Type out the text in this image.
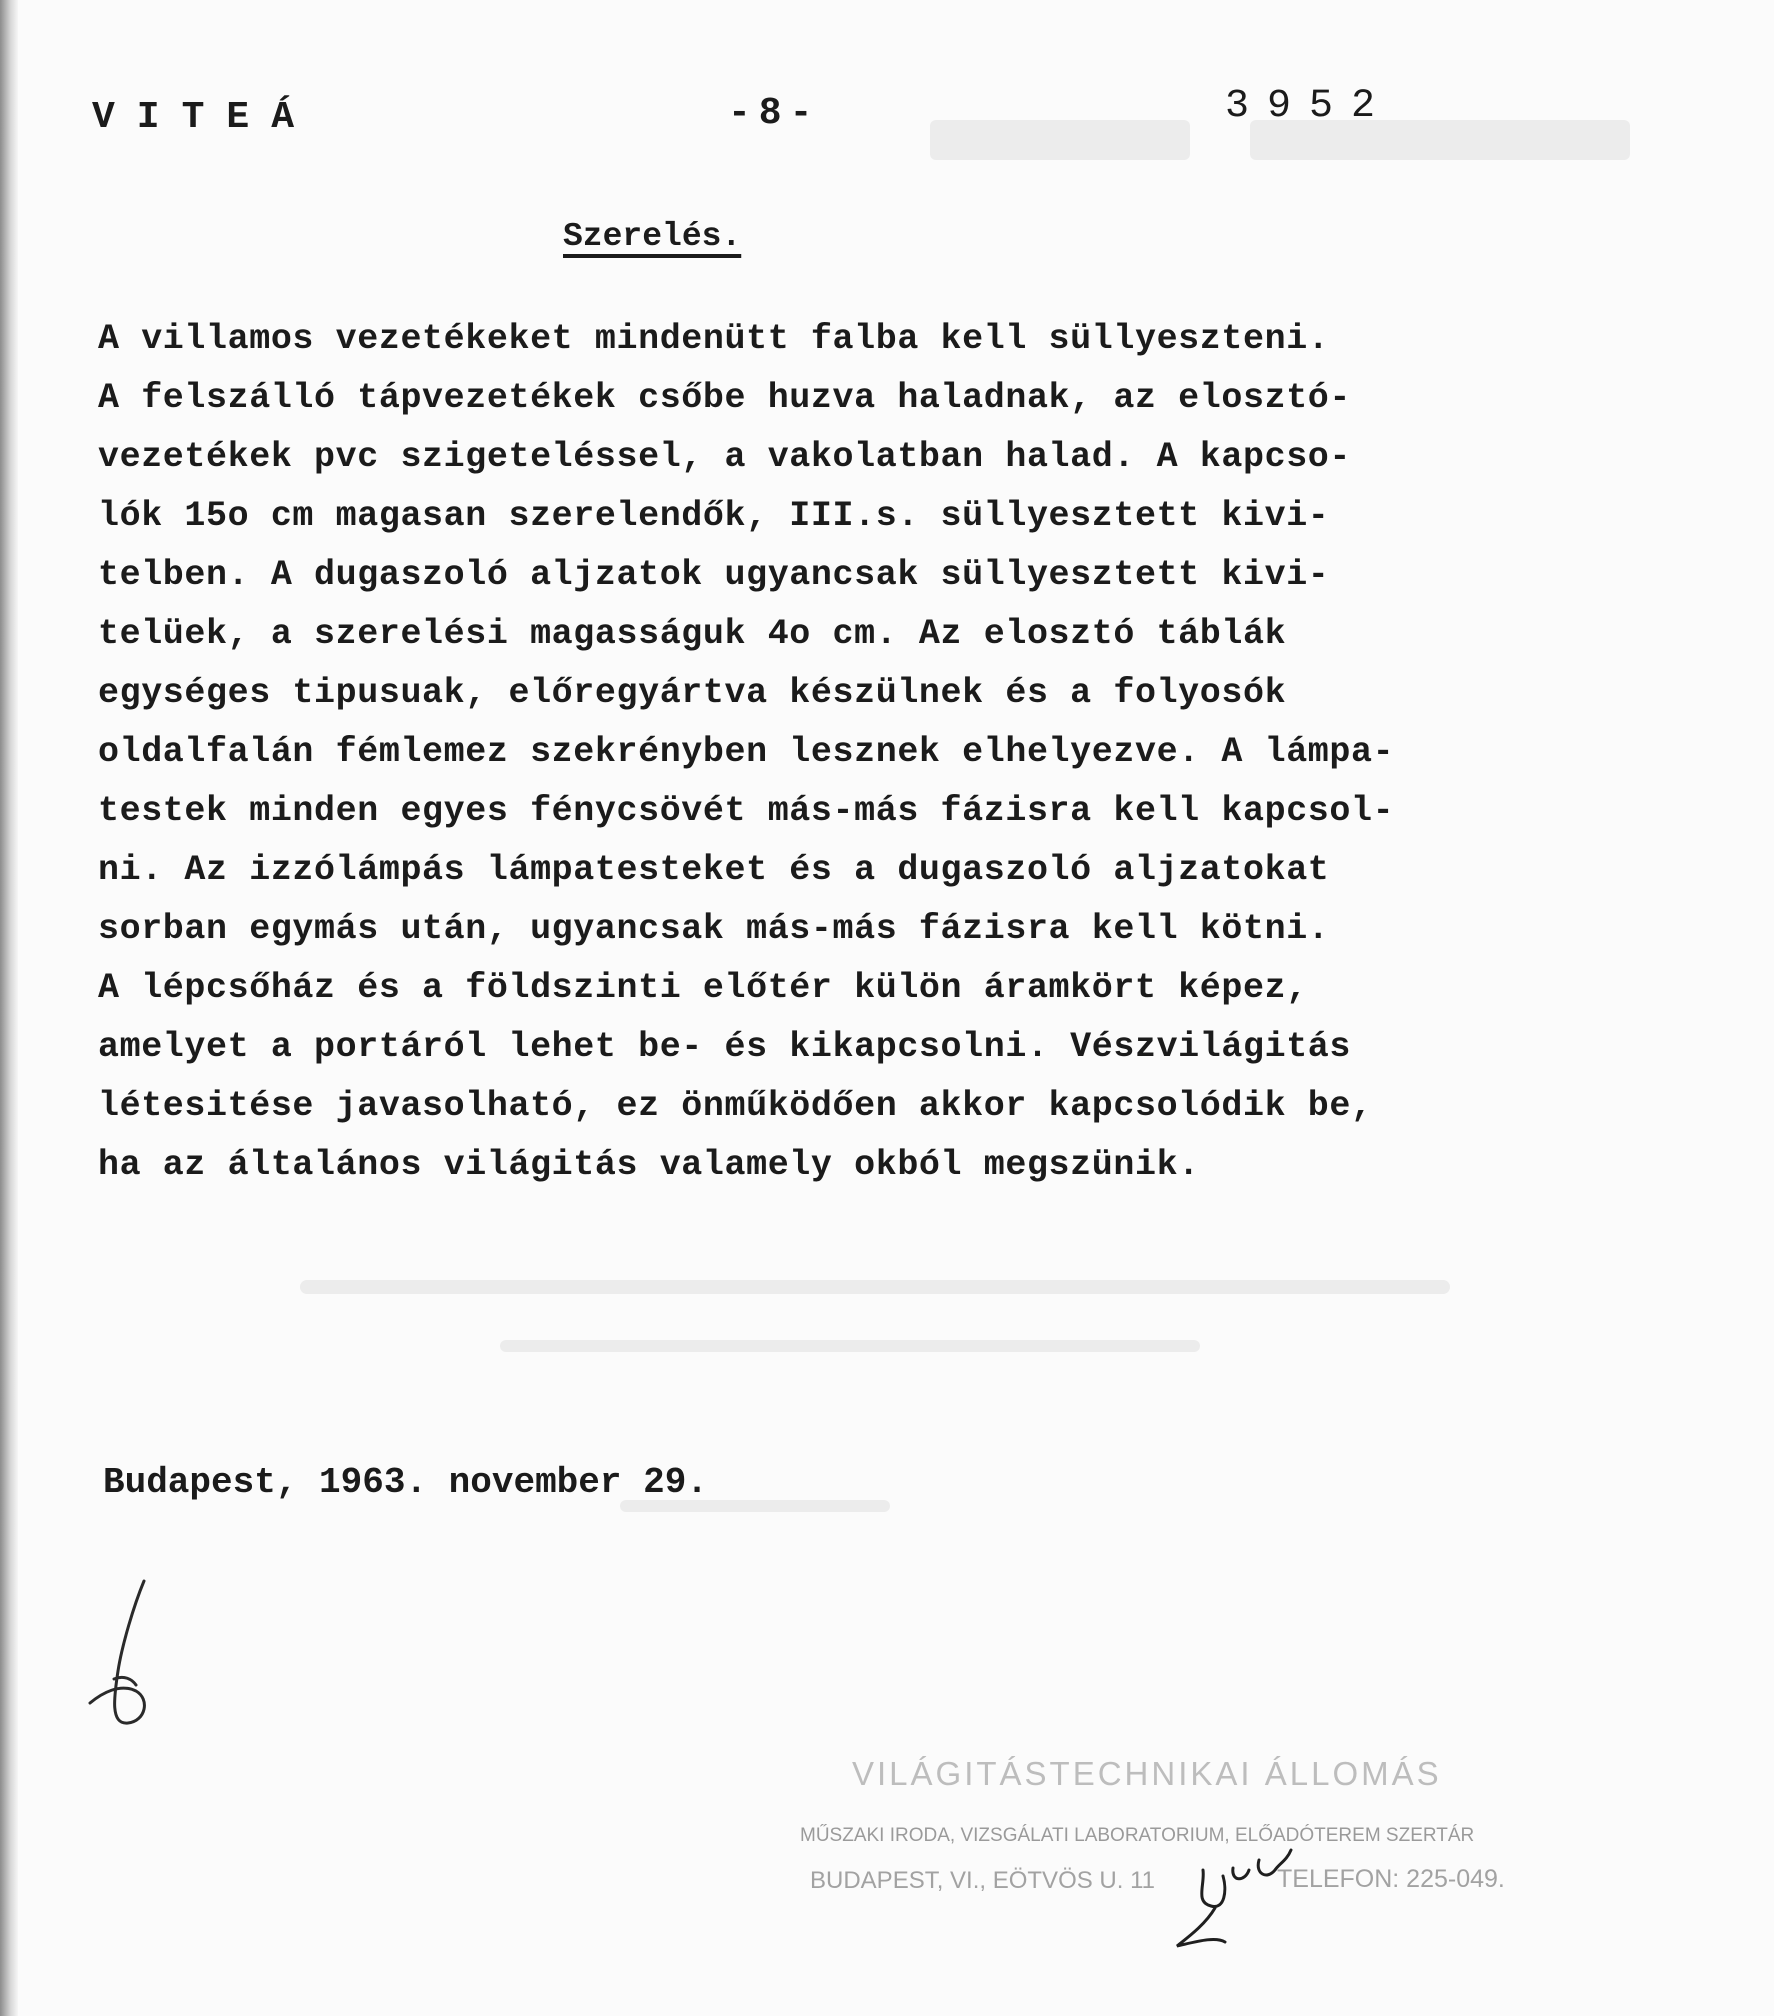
VITEÁ	-8-	3952
Szerelés.
A villamos vezetékeket mindenütt falba kell süllyeszteni.
A felszálló tápvezetékek csőbe huzva haladnak, az elosztó-
vezetékek pvc szigeteléssel, a vakolatban halad. A kapcso-
lók 15o cm magasan szerelendők, III.s. süllyesztett kivi-
telben. A dugaszoló aljzatok ugyancsak süllyesztett kivi-
telüek, a szerelési magasságuk 4o cm. Az elosztó táblák
egységes tipusuak, előregyártva készülnek és a folyosók
oldalfalán fémlemez szekrényben lesznek elhelyezve. A lámpa-
testek minden egyes fénycsövét más-más fázisra kell kapcsol-
ni. Az izzólámpás lámpatesteket és a dugaszoló aljzatokat
sorban egymás után, ugyancsak más-más fázisra kell kötni.
A lépcsőház és a földszinti előtér külön áramkört képez,
amelyet a portáról lehet be- és kikapcsolni. Vészvilágitás
létesitése javasolható, ez önműködően akkor kapcsolódik be,
ha az általános világitás valamely okból megszünik.
Budapest, 1963. november 29.
VILÁGITÁSTECHNIKAI ÁLLOMÁS
MŰSZAKI IRODA, VIZSGÁLATI LABORATORIUM, ELŐADÓTEREM SZERTÁR
BUDAPEST, VI., EÖTVÖS U. 11	TELEFON: 225-049.
